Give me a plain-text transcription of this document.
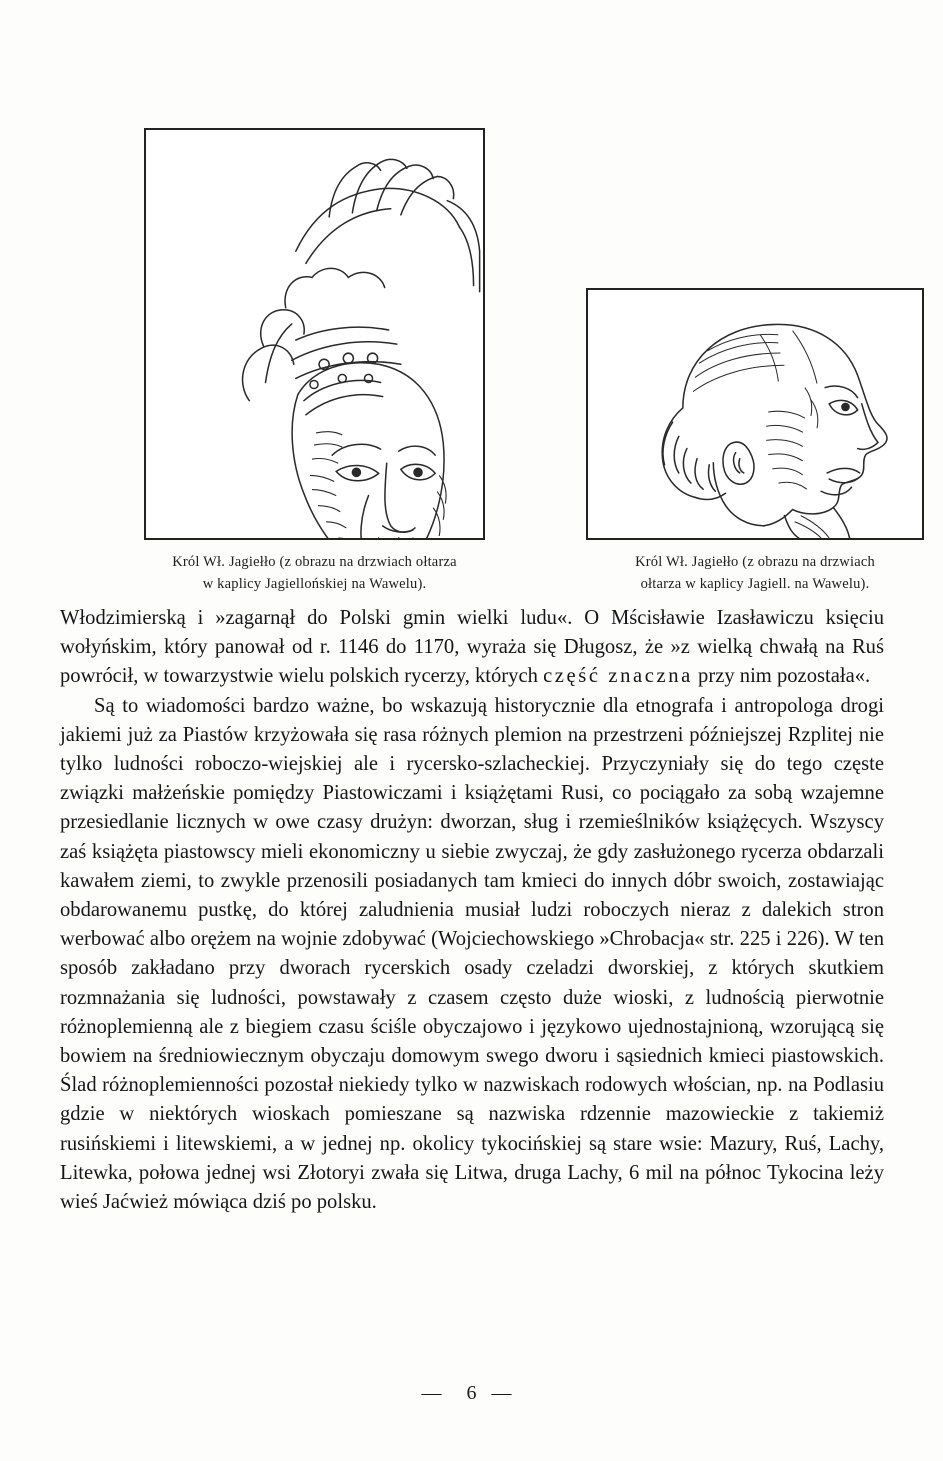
Król Wł. Jagiełło (z obrazu na drzwiach ołtarza
w kaplicy Jagiellońskiej na Wawelu).
Król Wł. Jagiełło (z obrazu na drzwiach
ołtarza w kaplicy Jagiell. na Wawelu).

Włodzimierską i »zagarnął do Polski gmin wielki ludu«. O Mścisławie Izasławiczu księciu wołyńskim, który panował od r. 1146 do 1170, wyraża się Długosz, że »z wielką chwałą na Ruś powrócił, w towarzystwie wielu polskich rycerzy, których część znaczna przy nim pozostała«.

Są to wiadomości bardzo ważne, bo wskazują historycznie dla etnografa i antropologa drogi jakiemi już za Piastów krzyżowała się rasa różnych plemion na przestrzeni późniejszej Rzplitej nie tylko ludności roboczo-wiejskiej ale i rycersko-szlacheckiej. Przyczyniały się do tego częste związki małżeńskie pomiędzy Piastowiczami i książętami Rusi, co pociągało za sobą wzajemne przesiedlanie licznych w owe czasy drużyn: dworzan, sług i rzemieślników książęcych. Wszyscy zaś książęta piastowscy mieli ekonomiczny u siebie zwyczaj, że gdy zasłużonego rycerza obdarzali kawałem ziemi, to zwykle przenosili posiadanych tam kmieci do innych dóbr swoich, zostawiając obdarowanemu pustkę, do której zaludnienia musiał ludzi roboczych nieraz z dalekich stron werbować albo orężem na wojnie zdobywać (Wojciechowskiego »Chrobacja« str. 225 i 226). W ten sposób zakładano przy dworach rycerskich osady czeladzi dworskiej, z których skutkiem rozmnażania się ludności, powstawały z czasem często duże wioski, z ludnością pierwotnie różnoplemienną ale z biegiem czasu ściśle obyczajowo i językowo ujednostajnioną, wzorującą się bowiem na średniowiecznym obyczaju domowym swego dworu i sąsiednich kmieci piastowskich. Ślad różnoplemienności pozostał niekiedy tylko w nazwiskach rodowych włościan, np. na Podlasiu gdzie w niektórych wioskach pomieszane są nazwiska rdzennie mazowieckie z takiemiż rusińskiemi i litewskiemi, a w jednej np. okolicy tykocińskiej są stare wsie: Mazury, Ruś, Lachy, Litewka, połowa jednej wsi Złotoryi zwała się Litwa, druga Lachy, 6 mil na północ Tykocina leży wieś Jaćwież mówiąca dziś po polsku.

— 6 —
